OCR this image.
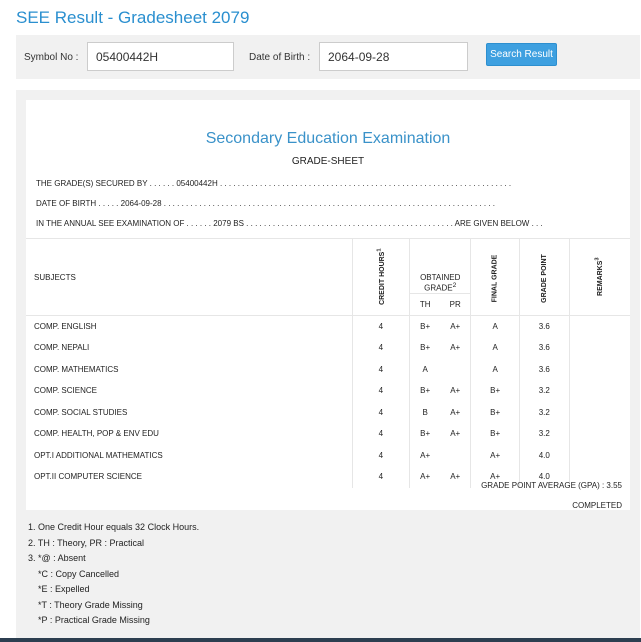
SEE Result - Gradesheet 2079
Symbol No :
05400442H	Date of Birth :
2064-09-28	Search Result
Secondary Education Examination
GRADE-SHEET
THE GRADE(S) SECURED BY . . . . . . 05400442H . . . . . . . . . . . . . . . . . . . . . . . . . . . . . . . . . . . . . . . . . . . . . . . . . . . . . . . . . . . . . . . . . .
DATE OF BIRTH . . . . . 2064-09-28 . . . . . . . . . . . . . . . . . . . . . . . . . . . . . . . . . . . . . . . . . . . . . . . . . . . . . . . . . . . . . . . . . . . . . . . . . . .
IN THE ANNUAL SEE EXAMINATION OF . . . . . . 2079 BS . . . . . . . . . . . . . . . . . . . . . . . . . . . . . . . . . . . . . . . . . . . . . . . ARE GIVEN BELOW . . .
SUBJECTS	CREDIT HOURS$^1$	OBTAINED GRADE$^2$		FINAL GRADE	GRADE POINT	REMARKS$^3$
		TH	PR			
COMP. ENGLISH	4	B+	A+	A	3.6	
COMP. NEPALI	4	B+	A+	A	3.6	
COMP. MATHEMATICS	4	A		A	3.6	
COMP. SCIENCE	4	B+	A+	B+	3.2	
COMP. SOCIAL STUDIES	4	B	A+	B+	3.2	
COMP. HEALTH, POP & ENV EDU	4	B+	A+	B+	3.2	
OPT.I ADDITIONAL MATHEMATICS	4	A+		A+	4.0	
OPT.II COMPUTER SCIENCE	4	A+	A+	A+	4.0	
GRADE POINT AVERAGE (GPA) : 3.55
COMPLETED
1. One Credit Hour equals 32 Clock Hours.
2. TH : Theory, PR : Practical
3. *@ : Absent
*C : Copy Cancelled
*E : Expelled
*T : Theory Grade Missing
*P : Practical Grade Missing
